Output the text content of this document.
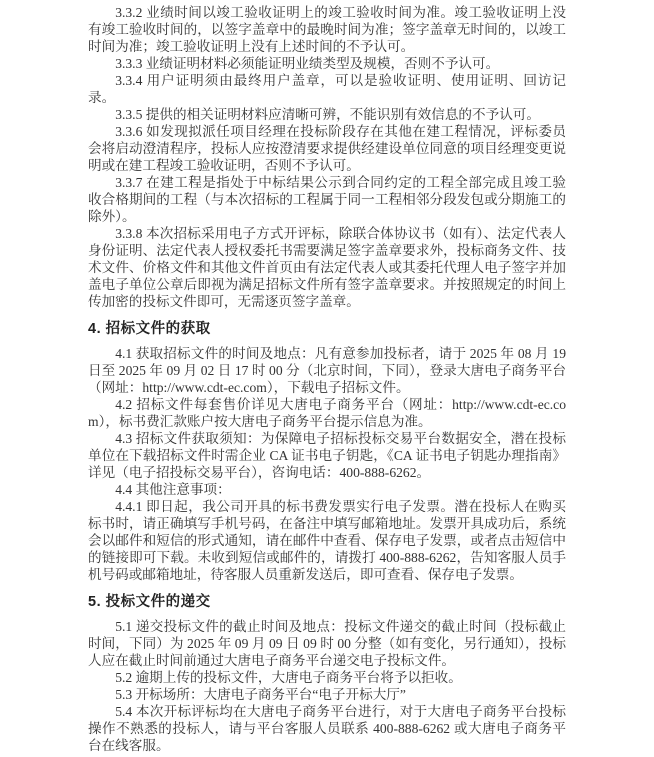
3.3.2 业绩时间以竣工验收证明上的竣工验收时间为准。竣工验收证明上没有竣工验收时间的，以签字盖章中的最晚时间为准；签字盖章无时间的，以竣工时间为准；竣工验收证明上没有上述时间的不予认可。

3.3.3 业绩证明材料必须能证明业绩类型及规模，否则不予认可。

3.3.4 用户证明须由最终用户盖章，可以是验收证明、使用证明、回访记录。

3.3.5 提供的相关证明材料应清晰可辨，不能识别有效信息的不予认可。

3.3.6 如发现拟派任项目经理在投标阶段存在其他在建工程情况，评标委员会将启动澄清程序，投标人应按澄清要求提供经建设单位同意的项目经理变更说明或在建工程竣工验收证明，否则不予认可。

3.3.7 在建工程是指处于中标结果公示到合同约定的工程全部完成且竣工验收合格期间的工程（与本次招标的工程属于同一工程相邻分段发包或分期施工的除外）。

3.3.8 本次招标采用电子方式开评标，除联合体协议书（如有）、法定代表人身份证明、法定代表人授权委托书需要满足签字盖章要求外，投标商务文件、技术文件、价格文件和其他文件首页由有法定代表人或其委托代理人电子签字并加盖电子单位公章后即视为满足招标文件所有签字盖章要求。并按照规定的时间上传加密的投标文件即可，无需逐页签字盖章。

4. 招标文件的获取

4.1 获取招标文件的时间及地点：凡有意参加投标者，请于 2025 年 08 月 19 日至 2025 年 09 月 02 日 17 时 00 分（北京时间，下同），登录大唐电子商务平台（网址：http://www.cdt-ec.com），下载电子招标文件。

4.2 招标文件每套售价详见大唐电子商务平台（网址：http://www.cdt-ec.com），标书费汇款账户按大唐电子商务平台提示信息为准。

4.3 招标文件获取须知：为保障电子招标投标交易平台数据安全，潜在投标单位在下载招标文件时需企业 CA 证书电子钥匙，《CA 证书电子钥匙办理指南》详见（电子招投标交易平台），咨询电话：400-888-6262。

4.4 其他注意事项：

4.4.1 即日起，我公司开具的标书费发票实行电子发票。潜在投标人在购买标书时，请正确填写手机号码，在备注中填写邮箱地址。发票开具成功后，系统会以邮件和短信的形式通知，请在邮件中查看、保存电子发票，或者点击短信中的链接即可下载。未收到短信或邮件的，请拨打 400-888-6262，告知客服人员手机号码或邮箱地址，待客服人员重新发送后，即可查看、保存电子发票。

5. 投标文件的递交

5.1 递交投标文件的截止时间及地点：投标文件递交的截止时间（投标截止时间，下同）为 2025 年 09 月 09 日 09 时 00 分整（如有变化，另行通知），投标人应在截止时间前通过大唐电子商务平台递交电子投标文件。

5.2 逾期上传的投标文件，大唐电子商务平台将予以拒收。

5.3 开标场所：大唐电子商务平台“电子开标大厅”

5.4 本次开标评标均在大唐电子商务平台进行，对于大唐电子商务平台投标操作不熟悉的投标人，请与平台客服人员联系 400-888-6262 或大唐电子商务平台在线客服。
